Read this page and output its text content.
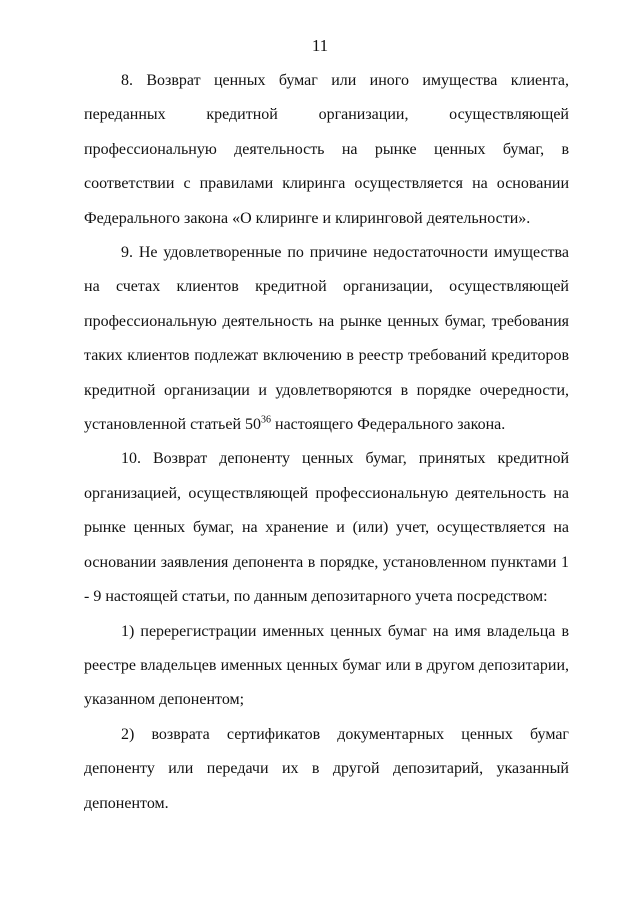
11

8. Возврат ценных бумаг или иного имущества клиента, переданных кредитной организации, осуществляющей профессиональную деятельность на рынке ценных бумаг, в соответствии с правилами клиринга осуществляется на основании Федерального закона «О клиринге и клиринговой деятельности».

9. Не удовлетворенные по причине недостаточности имущества на счетах клиентов кредитной организации, осуществляющей профессиональную деятельность на рынке ценных бумаг, требования таких клиентов подлежат включению в реестр требований кредиторов кредитной организации и удовлетворяются в порядке очередности, установленной статьей $50^{36}$ настоящего Федерального закона.

10. Возврат депоненту ценных бумаг, принятых кредитной организацией, осуществляющей профессиональную деятельность на рынке ценных бумаг, на хранение и (или) учет, осуществляется на основании заявления депонента в порядке, установленном пунктами 1 - 9 настоящей статьи, по данным депозитарного учета посредством:

1) перерегистрации именных ценных бумаг на имя владельца в реестре владельцев именных ценных бумаг или в другом депозитарии, указанном депонентом;

2) возврата сертификатов документарных ценных бумаг депоненту или передачи их в другой депозитарий, указанный депонентом.
